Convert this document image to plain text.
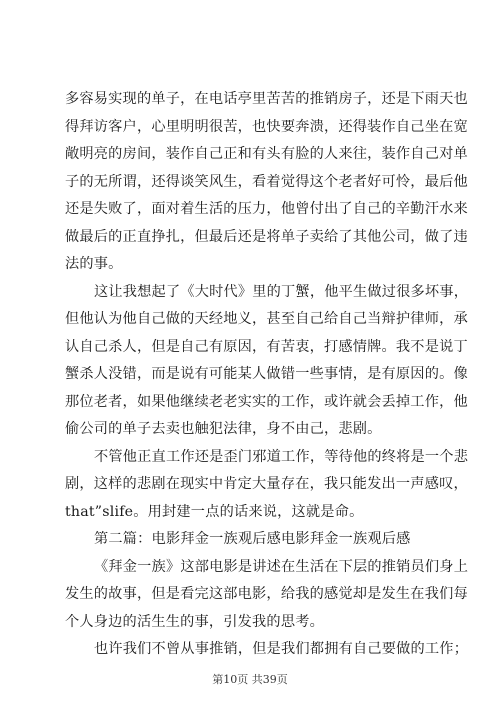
多容易实现的单子，在电话亭里苦苦的推销房子，还是下雨天也
得拜访客户，心里明明很苦，也快要奔溃，还得装作自己坐在宽
敞明亮的房间，装作自己正和有头有脸的人来往，装作自己对单
子的无所谓，还得谈笑风生，看着觉得这个老者好可怜，最后他
还是失败了，面对着生活的压力，他曾付出了自己的辛勤汗水来
做最后的正直挣扎，但最后还是将单子卖给了其他公司，做了违
法的事。
这让我想起了《大时代》里的丁蟹，他平生做过很多坏事，
但他认为他自己做的天经地义，甚至自己给自己当辩护律师，承
认自己杀人，但是自己有原因，有苦衷，打感情牌。我不是说丁
蟹杀人没错，而是说有可能某人做错一些事情，是有原因的。像
那位老者，如果他继续老老实实的工作，或许就会丢掉工作，他
偷公司的单子去卖也触犯法律，身不由己，悲剧。
不管他正直工作还是歪门邪道工作，等待他的终将是一个悲
剧，这样的悲剧在现实中肯定大量存在，我只能发出一声感叹，
that”slife。用封建一点的话来说，这就是命。
第二篇：电影拜金一族观后感电影拜金一族观后感
《拜金一族》这部电影是讲述在生活在下层的推销员们身上
发生的故事，但是看完这部电影，给我的感觉却是发生在我们每
个人身边的活生生的事，引发我的思考。
也许我们不曾从事推销，但是我们都拥有自己要做的工作；
第10页 共39页
